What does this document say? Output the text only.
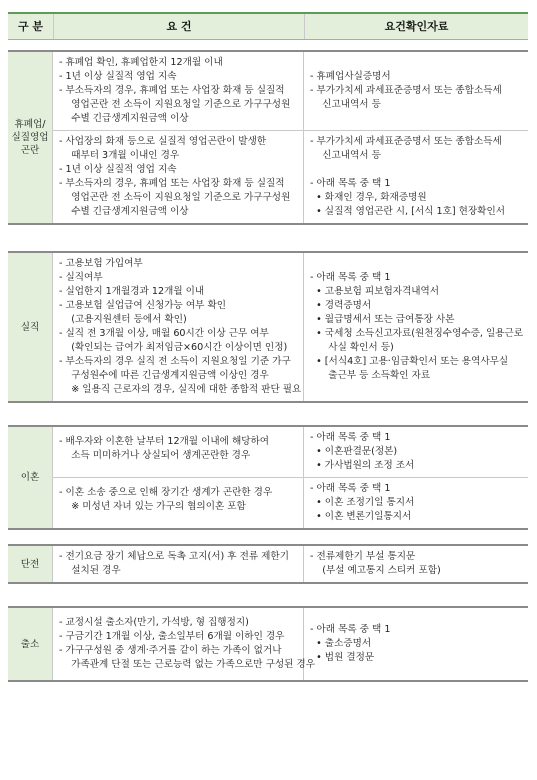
구 분	요 건	요건확인자료
휴폐업/
실질영업
곤란
- 휴폐업 확인, 휴폐업한지 12개월 이내
- 1년 이상 실질적 영업 지속
- 부소득자의 경우, 휴폐업 또는 사업장 화재 등 실질적
영업곤란 전 소득이 지원요청일 기준으로 가구구성원
수별 긴급생계지원금액 이상
- 휴폐업사실증명서
- 부가가치세 과세표준증명서 또는 종합소득세
신고내역서 등
- 사업장의 화재 등으로 실질적 영업곤란이 발생한
때부터 3개월 이내인 경우
- 1년 이상 실질적 영업 지속
- 부소득자의 경우, 휴폐업 또는 사업장 화재 등 실질적
영업곤란 전 소득이 지원요청일 기준으로 가구구성원
수별 긴급생계지원금액 이상
- 부가가치세 과세표준증명서 또는 종합소득세
신고내역서 등
- 아래 목록 중 택 1
• 화재인 경우, 화재증명원
• 실질적 영업곤란 시, [서식 1호] 현장확인서
실직
- 고용보험 가입여부
- 실직여부
- 실업한지 1개월경과 12개월 이내
- 고용보험 실업급여 신청가능 여부 확인
(고용지원센터 등에서 확인)
- 실직 전 3개월 이상, 매월 60시간 이상 근무 여부
(확인되는 급여가 최저임금×60시간 이상이면 인정)
- 부소득자의 경우 실직 전 소득이 지원요청일 기준 가구
구성원수에 따른 긴급생계지원금액 이상인 경우
※ 일용직 근로자의 경우, 실직에 대한 종합적 판단 필요
- 아래 목록 중 택 1
• 고용보험 피보험자격내역서
• 경력증명서
• 월급명세서 또는 급여통장 사본
• 국세청 소득신고자료(원천징수영수증, 일용근로
사실 확인서 등)
• [서식4호] 고용·임금확인서 또는 용역사무실
출근부 등 소득확인 자료
이혼
- 배우자와 이혼한 날부터 12개월 이내에 해당하여
소득 미미하거나 상실되어 생계곤란한 경우
- 아래 목록 중 택 1
• 이혼판결문(정본)
• 가사법원의 조정 조서
- 이혼 소송 중으로 인해 장기간 생계가 곤란한 경우
※ 미성년 자녀 있는 가구의 협의이혼 포함
- 아래 목록 중 택 1
• 이혼 조정기일 통지서
• 이혼 변론기일통지서
단전
- 전기요금 장기 체납으로 독촉 고지(서) 후 전류 제한기
설치된 경우
- 전류제한기 부설 통지문
(부설 예고통지 스티커 포함)
출소
- 교정시설 출소자(만기, 가석방, 형 집행정지)
- 구금기간 1개월 이상, 출소일부터 6개월 이하인 경우
- 가구구성원 중 생계·주거를 같이 하는 가족이 없거나
가족관계 단절 또는 근로능력 없는 가족으로만 구성된 경우
- 아래 목록 중 택 1
• 출소증명서
• 법원 결정문
